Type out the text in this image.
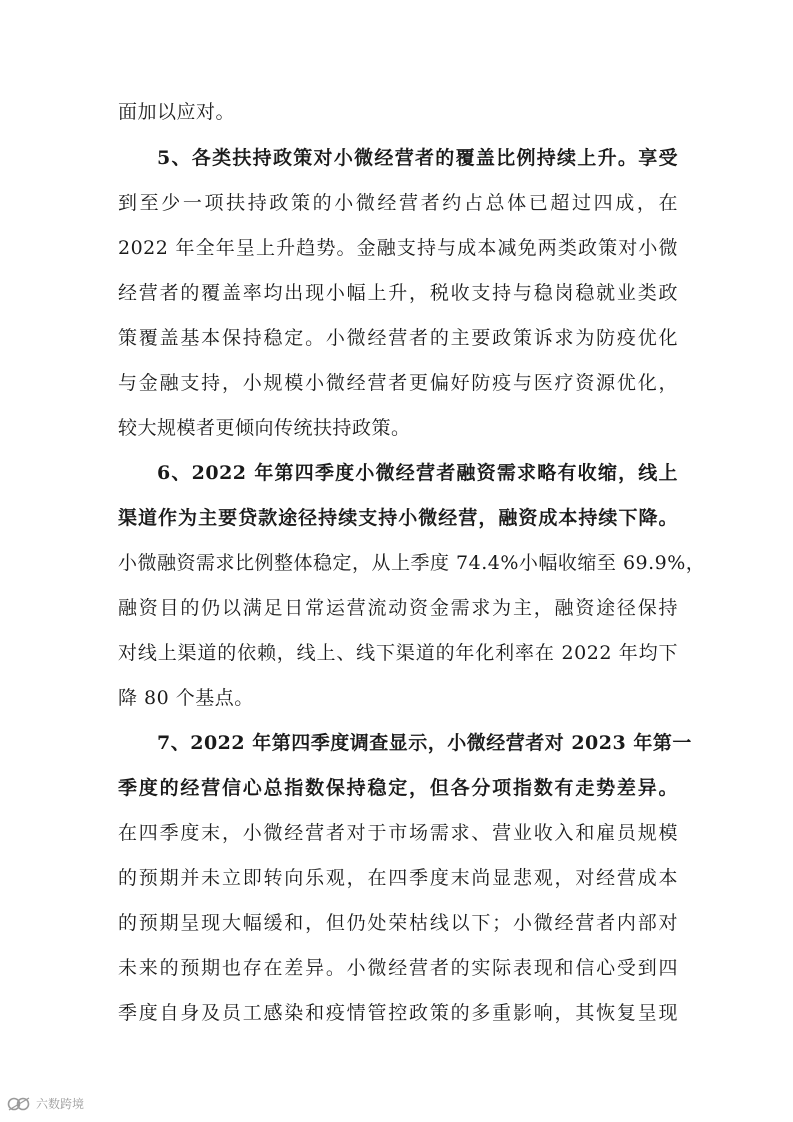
面加以应对。
5、各类扶持政策对小微经营者的覆盖比例持续上升。享受
到至少一项扶持政策的小微经营者约占总体已超过四成，在
2022 年全年呈上升趋势。金融支持与成本减免两类政策对小微
经营者的覆盖率均出现小幅上升，税收支持与稳岗稳就业类政
策覆盖基本保持稳定。小微经营者的主要政策诉求为防疫优化
与金融支持，小规模小微经营者更偏好防疫与医疗资源优化，
较大规模者更倾向传统扶持政策。
6、2022 年第四季度小微经营者融资需求略有收缩，线上
渠道作为主要贷款途径持续支持小微经营，融资成本持续下降。
小微融资需求比例整体稳定，从上季度 74.4%小幅收缩至 69.9%，
融资目的仍以满足日常运营流动资金需求为主，融资途径保持
对线上渠道的依赖，线上、线下渠道的年化利率在 2022 年均下
降 80 个基点。
7、2022 年第四季度调查显示，小微经营者对 2023 年第一
季度的经营信心总指数保持稳定，但各分项指数有走势差异。
在四季度末，小微经营者对于市场需求、营业收入和雇员规模
的预期并未立即转向乐观，在四季度末尚显悲观，对经营成本
的预期呈现大幅缓和，但仍处荣枯线以下；小微经营者内部对
未来的预期也存在差异。小微经营者的实际表现和信心受到四
季度自身及员工感染和疫情管控政策的多重影响，其恢复呈现
六数跨境
